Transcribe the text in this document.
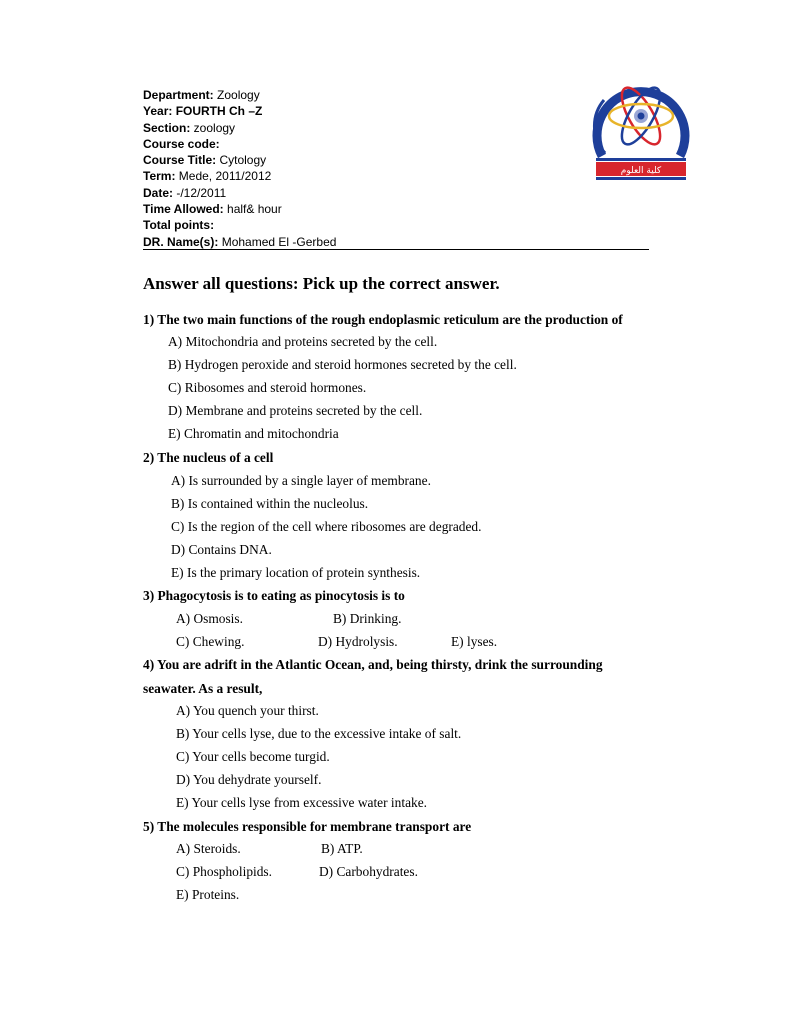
Department: Zoology
Year: FOURTH Ch –Z
Section: zoology
Course code:
Course Title: Cytology
Term: Mede, 2011/2012
Date: -/12/2011
Time Allowed: half& hour
Total points:
DR. Name(s): Mohamed El -Gerbed
جامعة دمنهور
كلية العلوم
Answer all questions: Pick up the correct answer.
1) The two main functions of the rough endoplasmic reticulum are the production of
A) Mitochondria and proteins secreted by the cell.
B) Hydrogen peroxide and steroid hormones secreted by the cell.
C) Ribosomes and steroid hormones.
D) Membrane and proteins secreted by the cell.
E) Chromatin and mitochondria
2) The nucleus of a cell
A) Is surrounded by a single layer of membrane.
B) Is contained within the nucleolus.
C) Is the region of the cell where ribosomes are degraded.
D) Contains DNA.
E) Is the primary location of protein synthesis.
3) Phagocytosis is to eating as pinocytosis is to
A) Osmosis.	B) Drinking.
C) Chewing.	D) Hydrolysis.	E) lyses.
4) You are adrift in the Atlantic Ocean, and, being thirsty, drink the surrounding
seawater. As a result,
A) You quench your thirst.
B) Your cells lyse, due to the excessive intake of salt.
C) Your cells become turgid.
D) You dehydrate yourself.
E) Your cells lyse from excessive water intake.
5) The molecules responsible for membrane transport are
A) Steroids.	B) ATP.
C) Phospholipids.	D) Carbohydrates.
E) Proteins.
